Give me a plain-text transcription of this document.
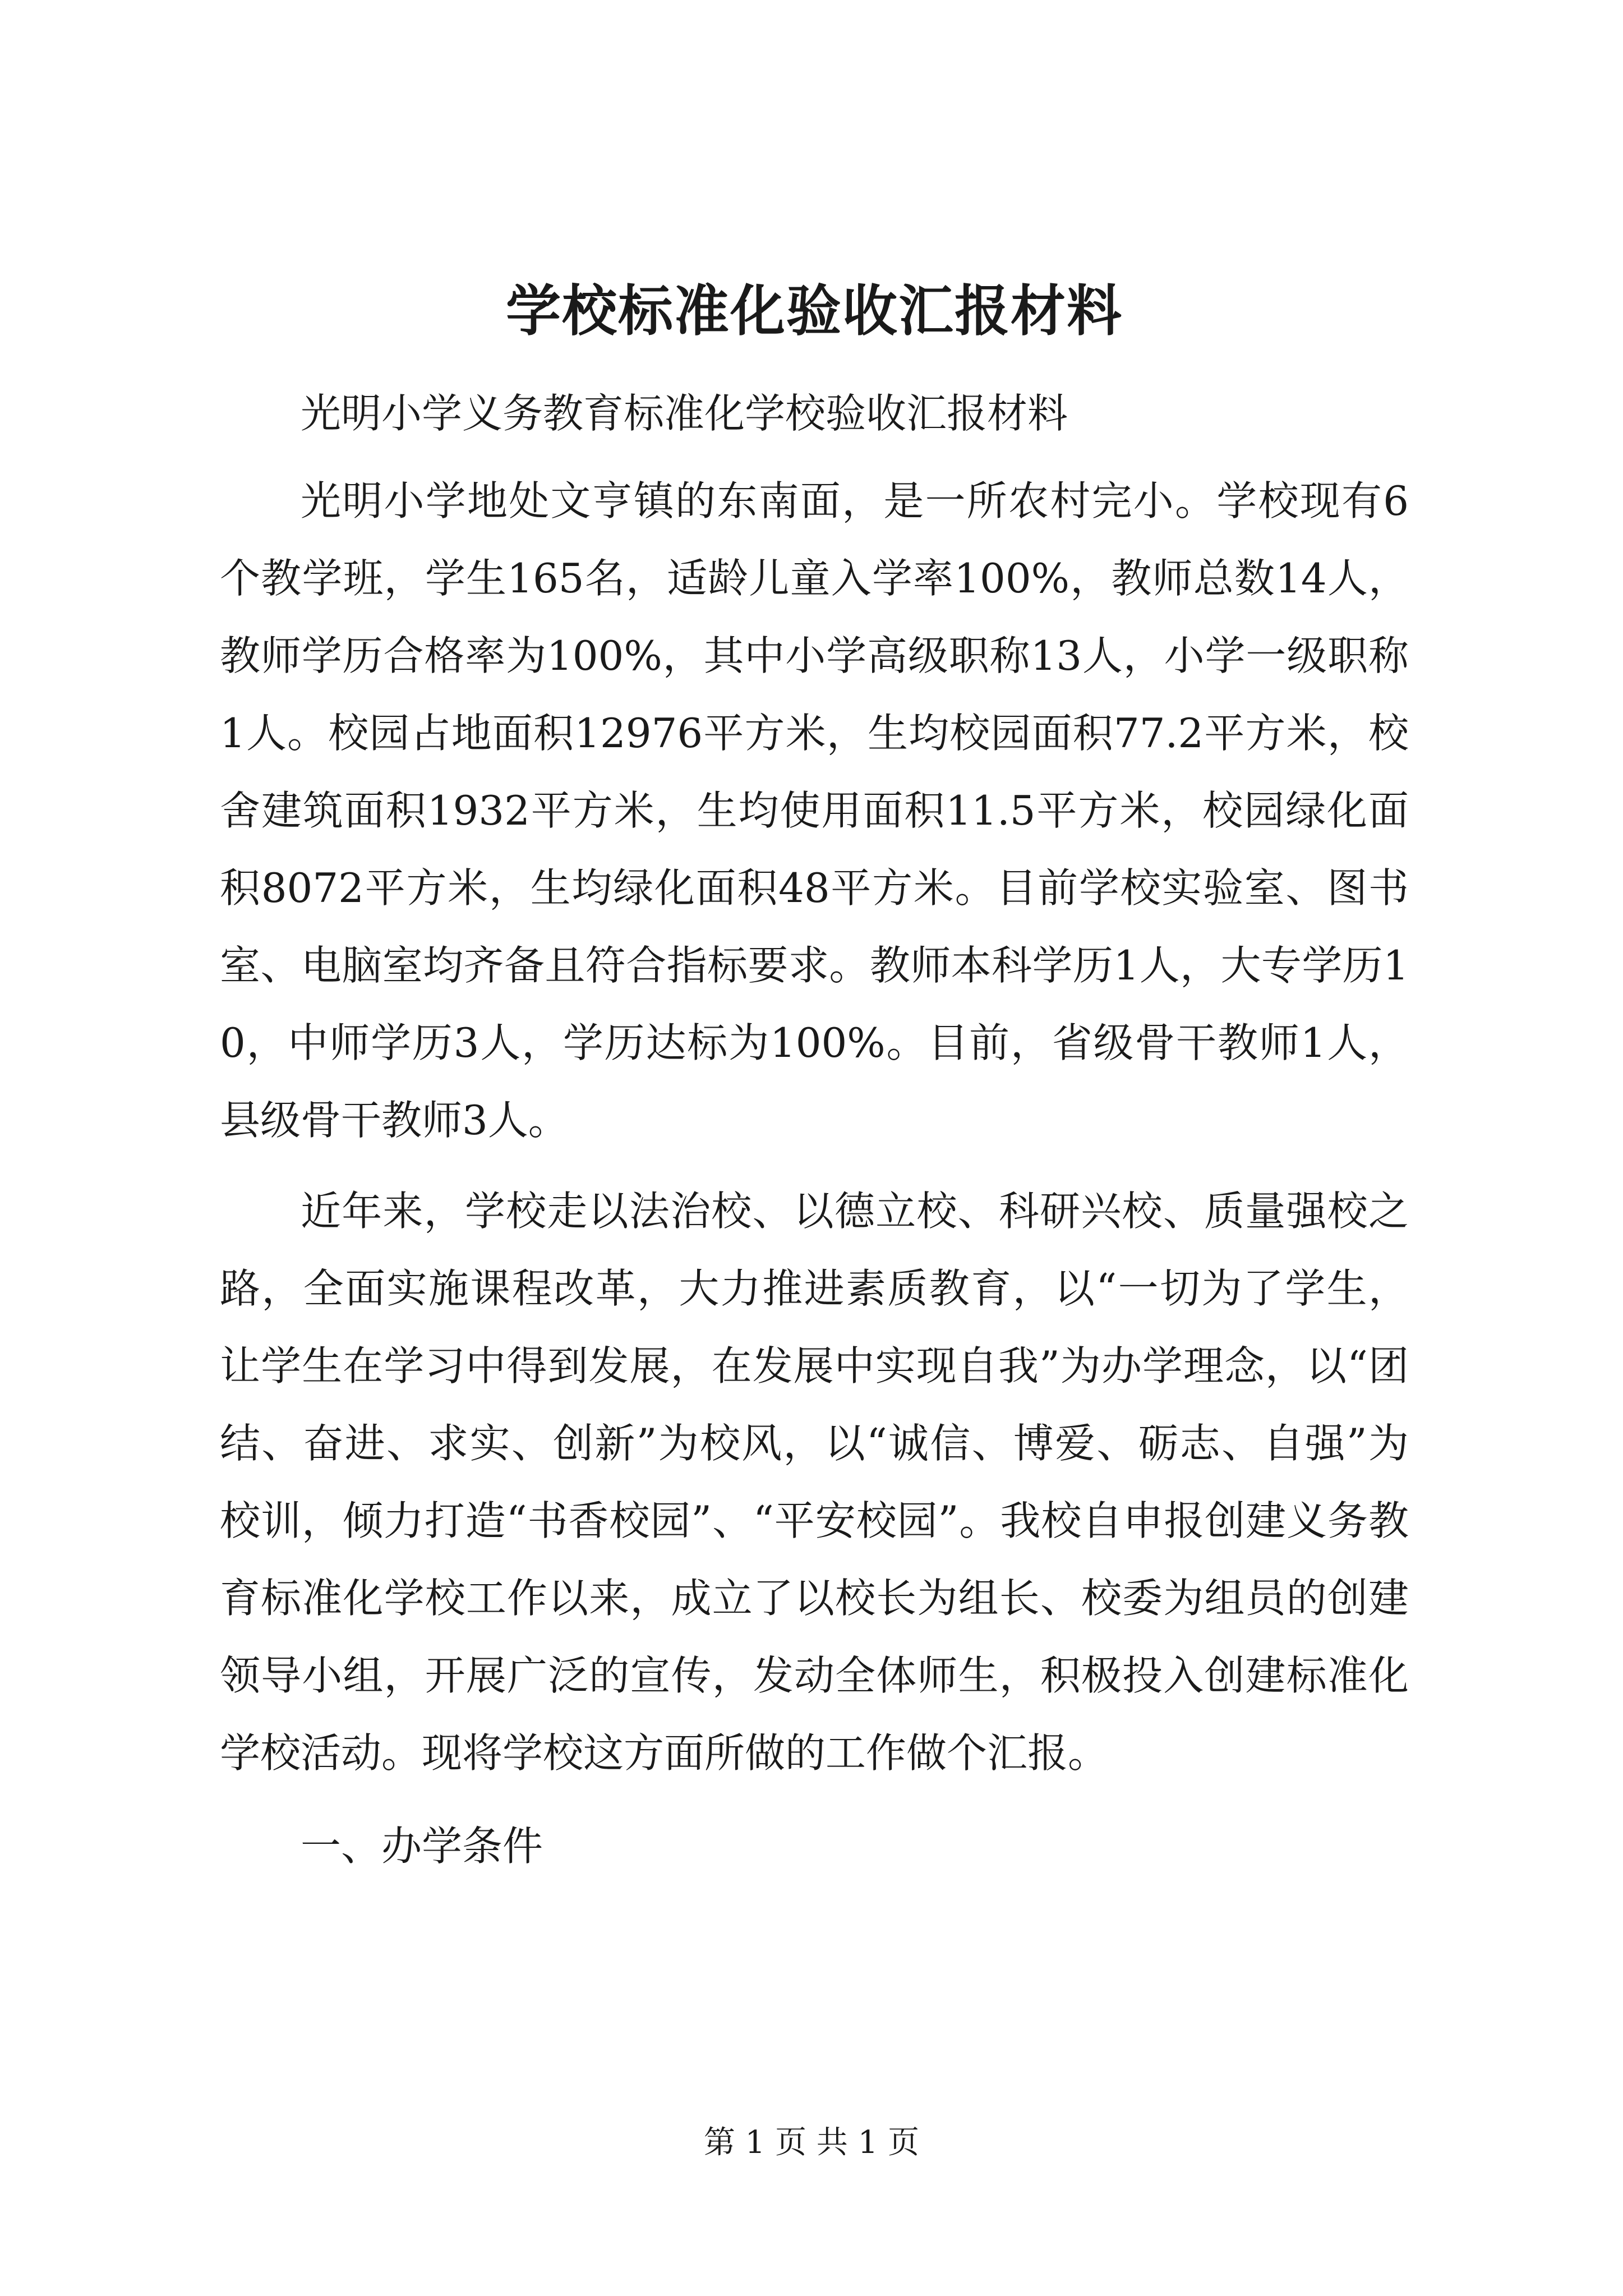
学校标准化验收汇报材料

光明小学义务教育标准化学校验收汇报材料

光明小学地处文亨镇的东南面，是一所农村完小。学校现有6个教学班，学生165名，适龄儿童入学率100%，教师总数14人，教师学历合格率为100%，其中小学高级职称13人，小学一级职称1人。校园占地面积12976平方米，生均校园面积77.2平方米，校舍建筑面积1932平方米，生均使用面积11.5平方米，校园绿化面积8072平方米，生均绿化面积48平方米。目前学校实验室、图书室、电脑室均齐备且符合指标要求。教师本科学历1人，大专学历10，中师学历3人，学历达标为100%。目前，省级骨干教师1人，县级骨干教师3人。

近年来，学校走以法治校、以德立校、科研兴校、质量强校之路，全面实施课程改革，大力推进素质教育，以“一切为了学生，让学生在学习中得到发展，在发展中实现自我”为办学理念，以“团结、奋进、求实、创新”为校风，以“诚信、博爱、砺志、自强”为校训，倾力打造“书香校园”、“平安校园”。我校自申报创建义务教育标准化学校工作以来，成立了以校长为组长、校委为组员的创建领导小组，开展广泛的宣传，发动全体师生，积极投入创建标准化学校活动。现将学校这方面所做的工作做个汇报。

一、办学条件

第 1 页 共 1 页
